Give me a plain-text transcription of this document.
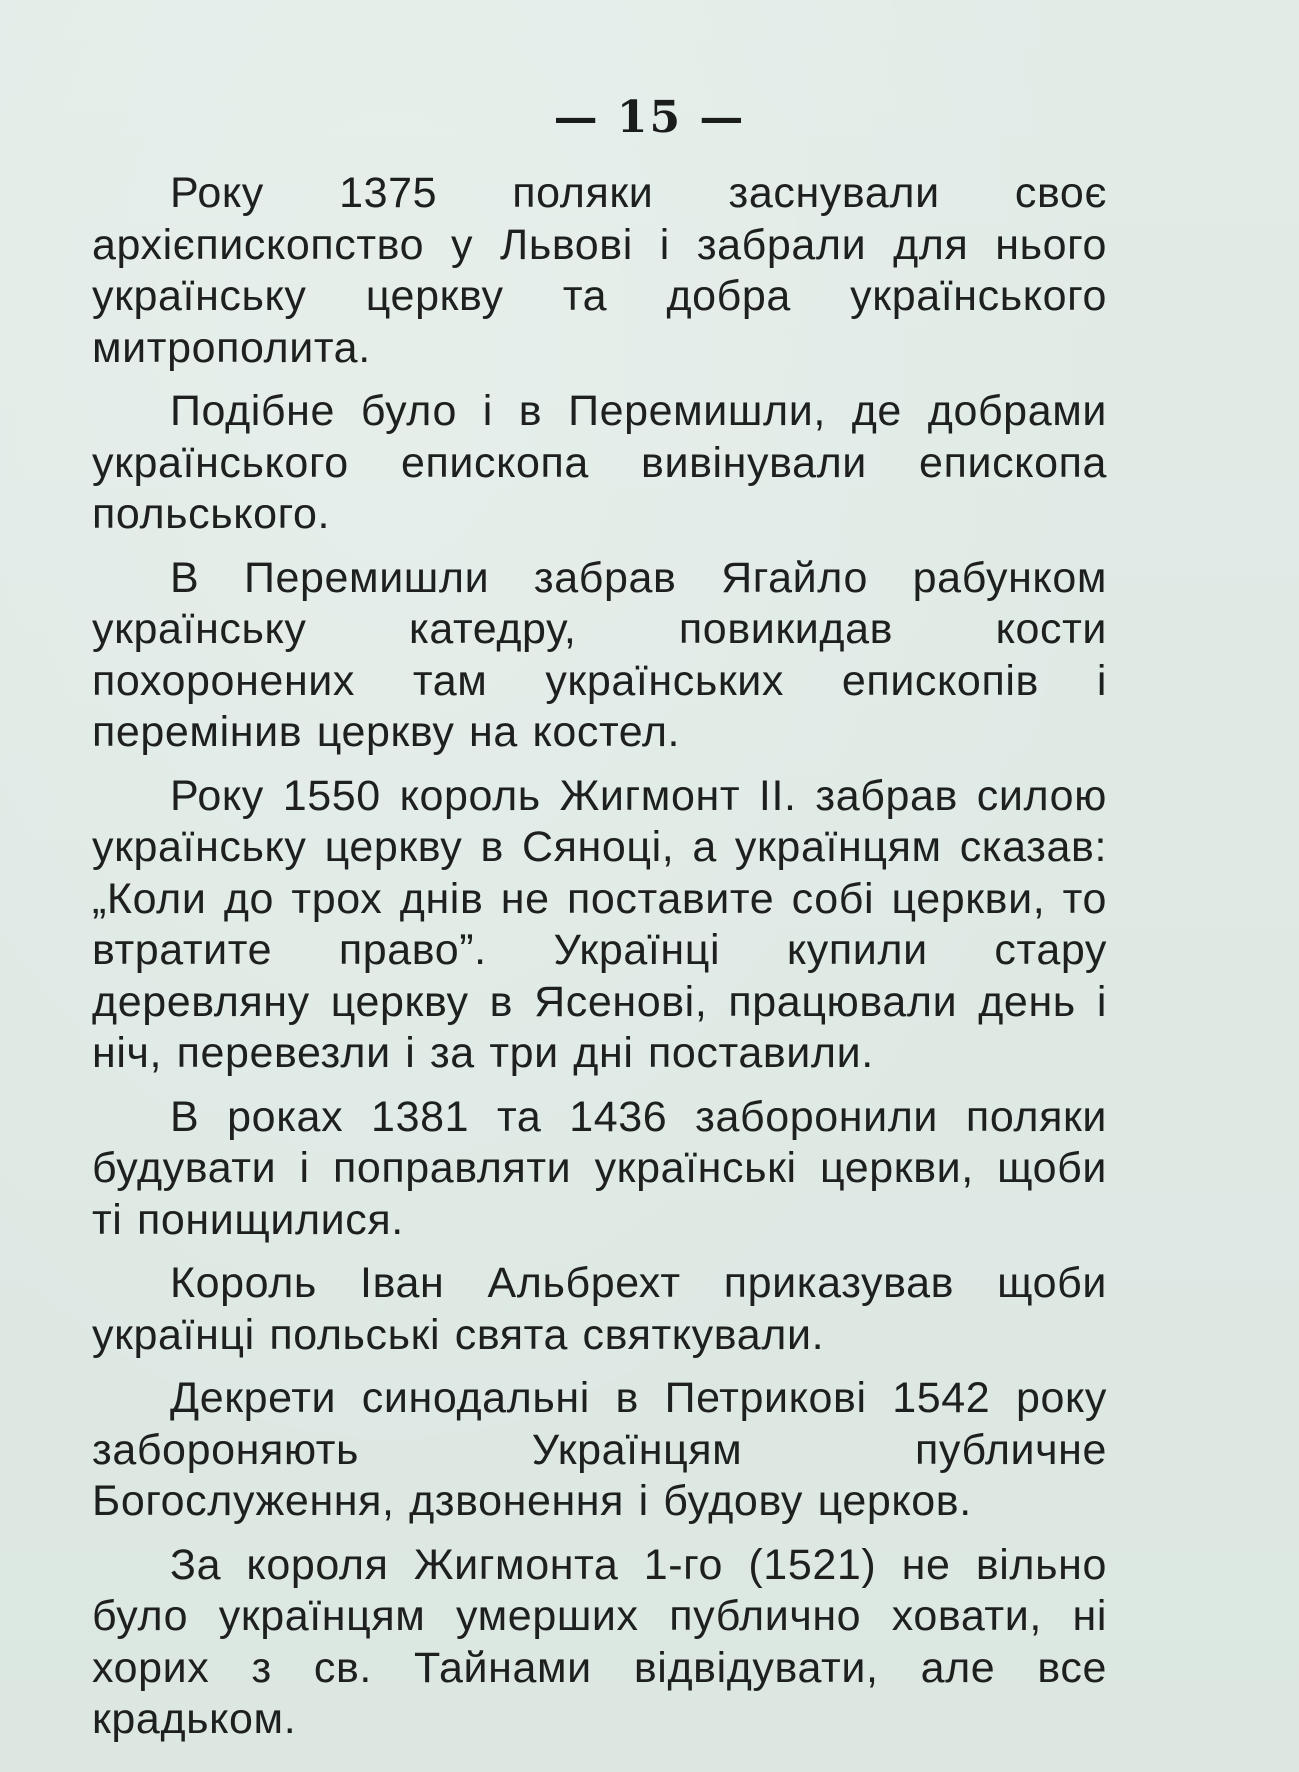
— 15 —

Року 1375 поляки заснували своє архієпископство у Львові і забрали для нього українську церкву та добра українського митрополита.

Подібне було і в Перемишли, де добрами українського епископа вивінували епископа польського.

В Перемишли забрав Ягайло рабунком українську катедру, повикидав кости похоронених там українських епископів і перемінив церкву на костел.

Року 1550 король Жигмонт II. забрав силою українську церкву в Сяноці, а українцям сказав: „Коли до трох днів не поставите собі церкви, то втратите право”. Українці купили стару деревляну церкву в Ясенові, працювали день і ніч, перевезли і за три дні поставили.

В роках 1381 та 1436 заборонили поляки будувати і поправляти українські церкви, щоби ті понищилися.

Король Іван Альбрехт приказував щоби українці польські свята святкували.

Декрети синодальні в Петрикові 1542 року забороняють Українцям публичне Богослуження, дзвонення і будову церков.

За короля Жигмонта 1-го (1521) не вільно було українцям умерших публично ховати, ні хорих з св. Тайнами відвідувати, але все крадьком.
